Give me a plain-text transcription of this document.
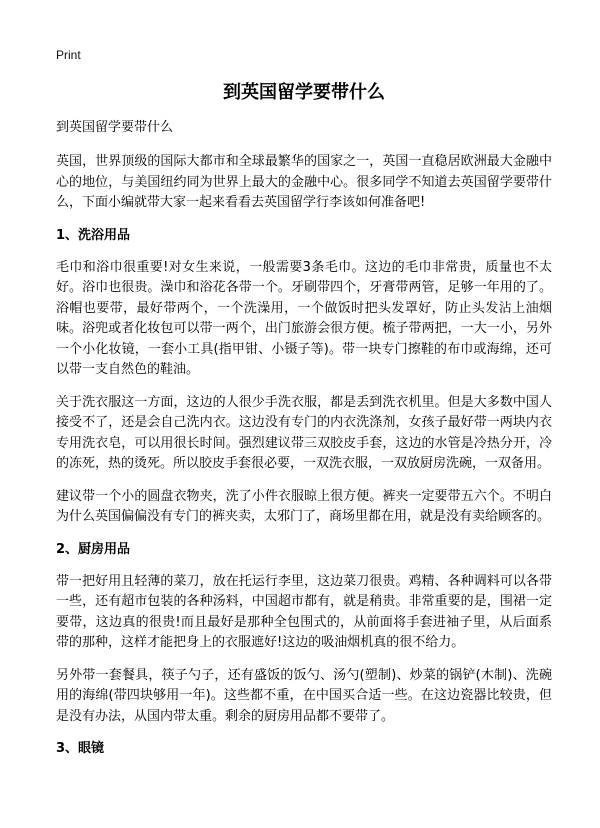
Print
到英国留学要带什么
到英国留学要带什么

英国，世界顶级的国际大都市和全球最繁华的国家之一，英国一直稳居欧洲最大金融中心的地位，与美国纽约同为世界上最大的金融中心。很多同学不知道去英国留学要带什么，下面小编就带大家一起来看看去英国留学行李该如何准备吧!

1、洗浴用品

毛巾和浴巾很重要!对女生来说，一般需要3条毛巾。这边的毛巾非常贵，质量也不太好。浴巾也很贵。澡巾和浴花各带一个。牙刷带四个，牙膏带两管，足够一年用的了。浴帽也要带，最好带两个，一个洗澡用，一个做饭时把头发罩好，防止头发沾上油烟味。浴兜或者化妆包可以带一两个，出门旅游会很方便。梳子带两把，一大一小，另外一个小化妆镜，一套小工具(指甲钳、小镊子等)。带一块专门擦鞋的布巾或海绵，还可以带一支自然色的鞋油。

关于洗衣服这一方面，这边的人很少手洗衣服，都是丢到洗衣机里。但是大多数中国人接受不了，还是会自己洗内衣。这边没有专门的内衣洗涤剂，女孩子最好带一两块内衣专用洗衣皂，可以用很长时间。强烈建议带三双胶皮手套，这边的水管是冷热分开，冷的冻死，热的烫死。所以胶皮手套很必要，一双洗衣服，一双放厨房洗碗，一双备用。

建议带一个小的圆盘衣物夹，洗了小件衣服晾上很方便。裤夹一定要带五六个。不明白为什么英国偏偏没有专门的裤夹卖，太邪门了，商场里都在用，就是没有卖给顾客的。

2、厨房用品

带一把好用且轻薄的菜刀，放在托运行李里，这边菜刀很贵。鸡精、各种调料可以各带一些，还有超市包装的各种汤料，中国超市都有，就是稍贵。非常重要的是，围裙一定要带，这边真的很贵!而且最好是那种全包围式的，从前面将手套进袖子里，从后面系带的那种，这样才能把身上的衣服遮好!这边的吸油烟机真的很不给力。

另外带一套餐具，筷子勺子，还有盛饭的饭勺、汤勺(塑制)、炒菜的锅铲(木制)、洗碗用的海绵(带四块够用一年)。这些都不重，在中国买合适一些。在这边瓷器比较贵，但是没有办法，从国内带太重。剩余的厨房用品都不要带了。

3、眼镜
